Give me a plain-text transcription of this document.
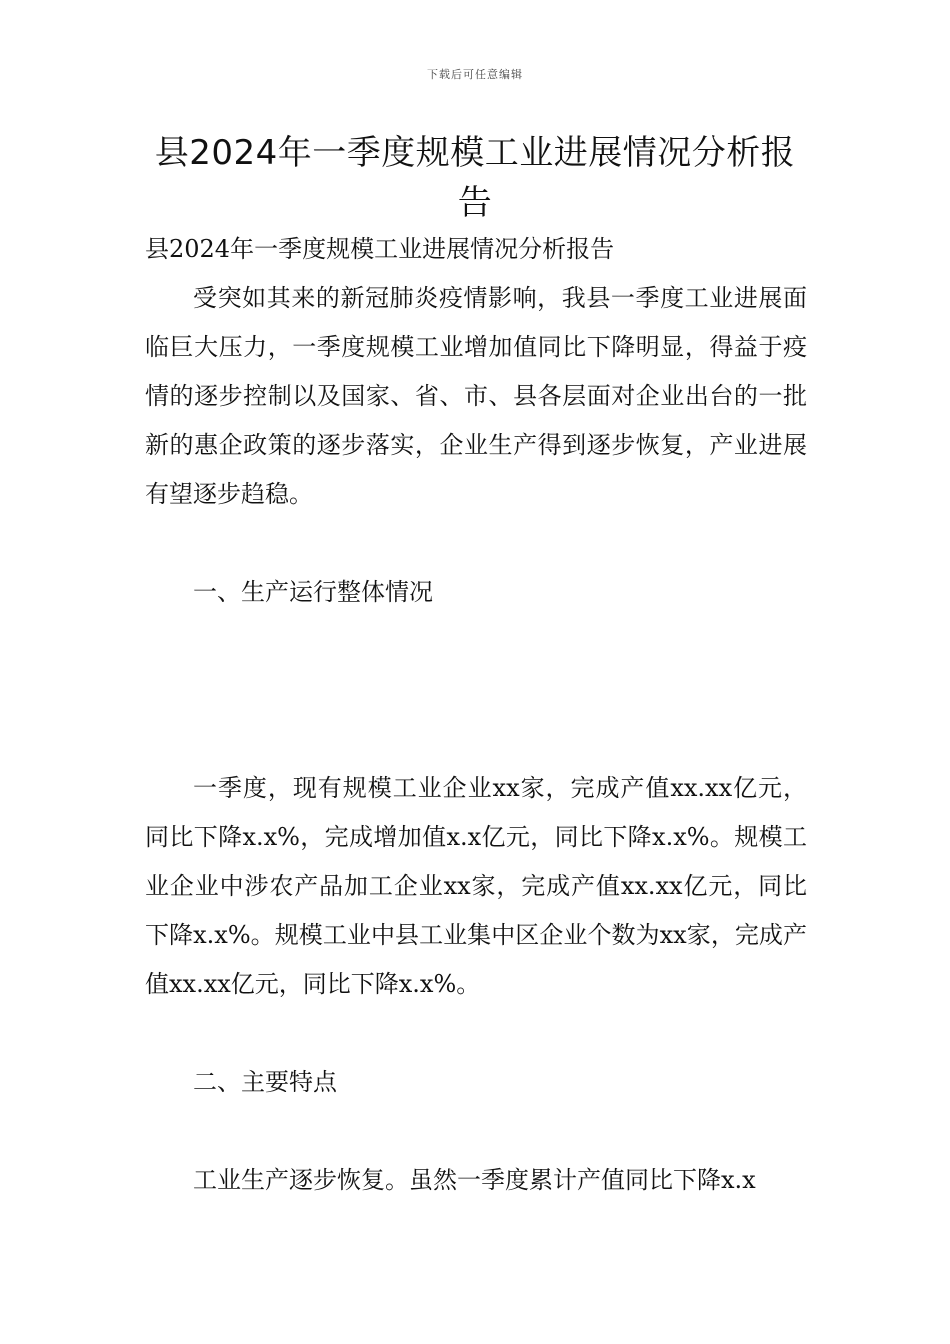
下载后可任意编辑
县2024年一季度规模工业进展情况分析报告

县2024年一季度规模工业进展情况分析报告

受突如其来的新冠肺炎疫情影响，我县一季度工业进展面临巨大压力，一季度规模工业增加值同比下降明显，得益于疫情的逐步控制以及国家、省、市、县各层面对企业出台的一批新的惠企政策的逐步落实，企业生产得到逐步恢复，产业进展有望逐步趋稳。

一、生产运行整体情况

一季度，现有规模工业企业xx家，完成产值xx.xx亿元，同比下降x.x%，完成增加值x.x亿元，同比下降x.x%。规模工业企业中涉农产品加工企业xx家，完成产值xx.xx亿元，同比下降x.x%。规模工业中县工业集中区企业个数为xx家，完成产值xx.xx亿元，同比下降x.x%。

二、主要特点

工业生产逐步恢复。虽然一季度累计产值同比下降x.x
